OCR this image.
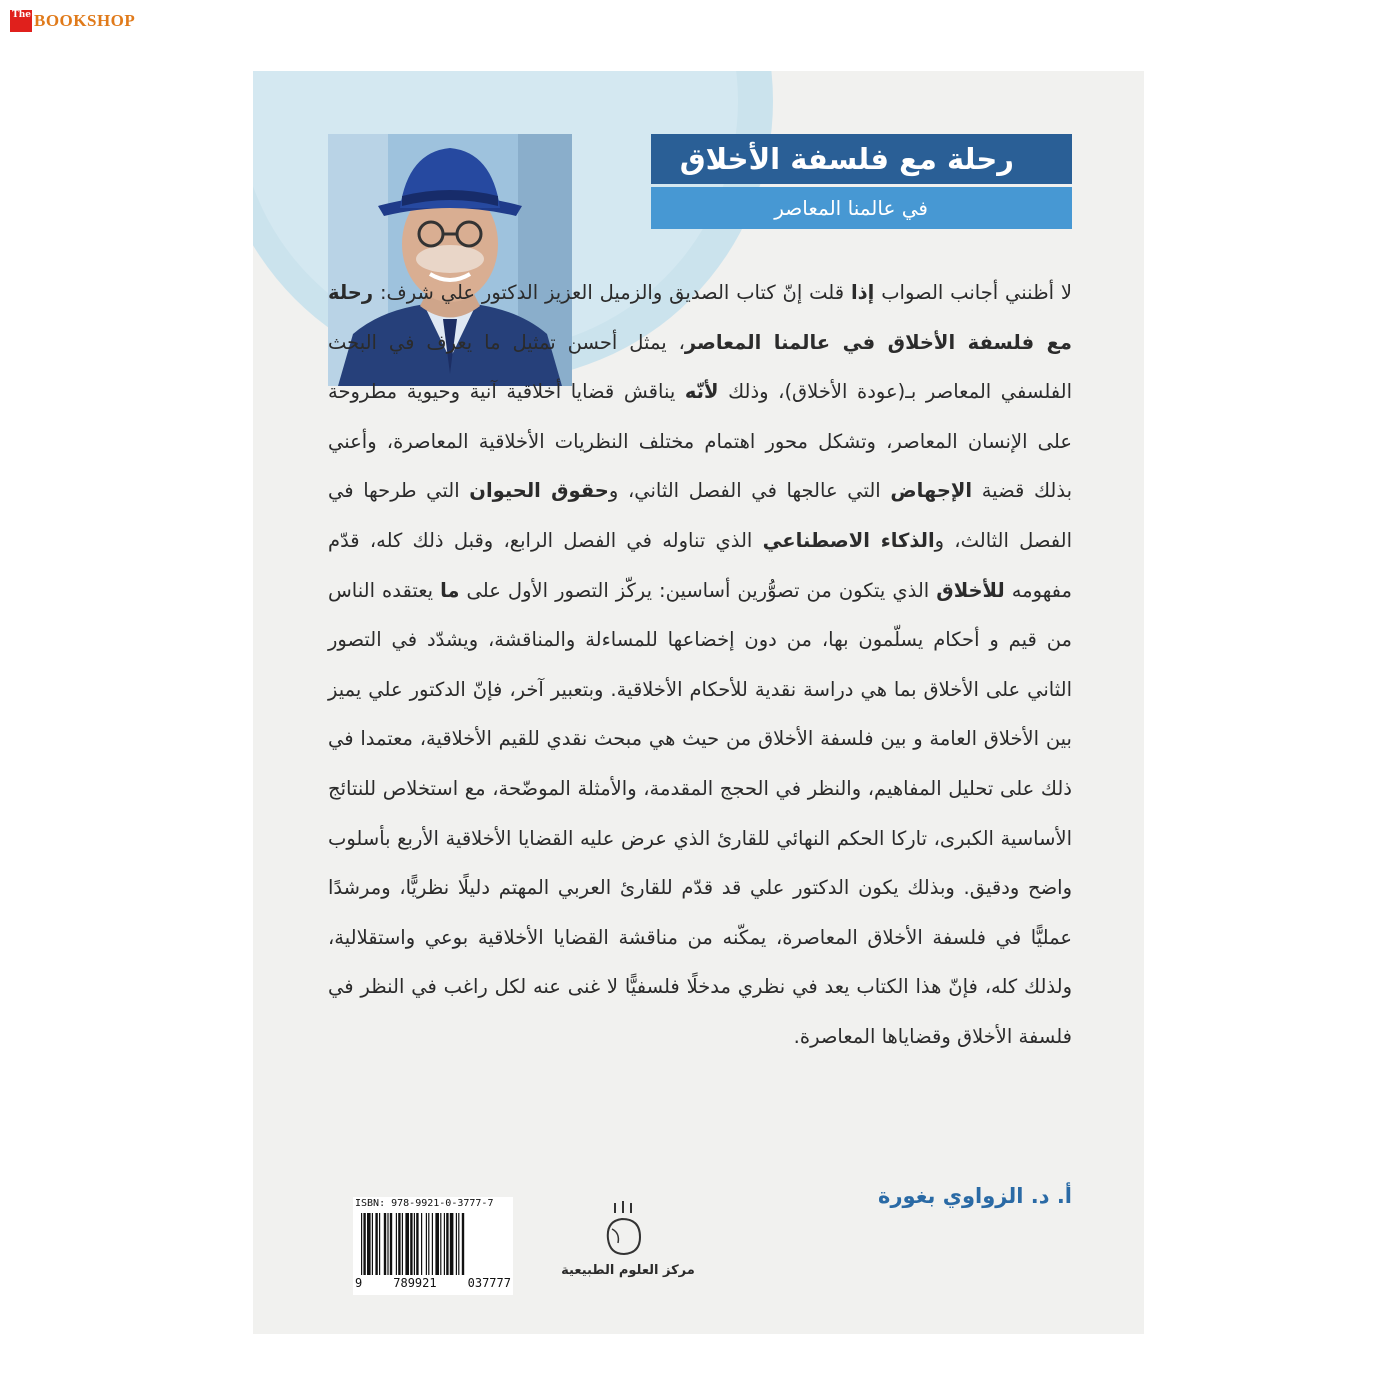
The BOOKSHOP
رحلة مع فلسفة الأخلاق
في عالمنا المعاصر

لا أظنني أجانب الصواب إذا قلت إنّ كتاب الصديق والزميل العزيز الدكتور علي شرف: رحلة مع فلسفة الأخلاق في عالمنا المعاصر، يمثل أحسن تمثيل ما يعرف في البحث الفلسفي المعاصر بـ(عودة الأخلاق)، وذلك لأنّه يناقش قضايا أخلاقية آنية وحيوية مطروحة على الإنسان المعاصر، وتشكل محور اهتمام مختلف النظريات الأخلاقية المعاصرة، وأعني بذلك قضية الإجهاض التي عالجها في الفصل الثاني، وحقوق الحيوان التي طرحها في الفصل الثالث، والذكاء الاصطناعي الذي تناوله في الفصل الرابع، وقبل ذلك كله، قدّم مفهومه للأخلاق الذي يتكون من تصوُّرين أساسين: يركّز التصور الأول على ما يعتقده الناس من قيم و أحكام يسلّمون بها، من دون إخضاعها للمساءلة والمناقشة، ويشدّد في التصور الثاني على الأخلاق بما هي دراسة نقدية للأحكام الأخلاقية. وبتعبير آخر، فإنّ الدكتور علي يميز بين الأخلاق العامة و بين فلسفة الأخلاق من حيث هي مبحث نقدي للقيم الأخلاقية، معتمدا في ذلك على تحليل المفاهيم، والنظر في الحجج المقدمة، والأمثلة الموضّحة، مع استخلاص للنتائج الأساسية الكبرى، تاركا الحكم النهائي للقارئ الذي عرض عليه القضايا الأخلاقية الأربع بأسلوب واضح ودقيق. وبذلك يكون الدكتور علي قد قدّم للقارئ العربي المهتم دليلًا نظريًّا، ومرشدًا عمليًّا في فلسفة الأخلاق المعاصرة، يمكّنه من مناقشة القضايا الأخلاقية بوعي واستقلالية، ولذلك كله، فإنّ هذا الكتاب يعد في نظري مدخلًا فلسفيًّا لا غنى عنه لكل راغب في النظر في فلسفة الأخلاق وقضاياها المعاصرة.

أ. د. الزواوي بغورة
مركز العلوم الطبيعية
ISBN: 978-9921-0-3777-7
9	789921	037777
